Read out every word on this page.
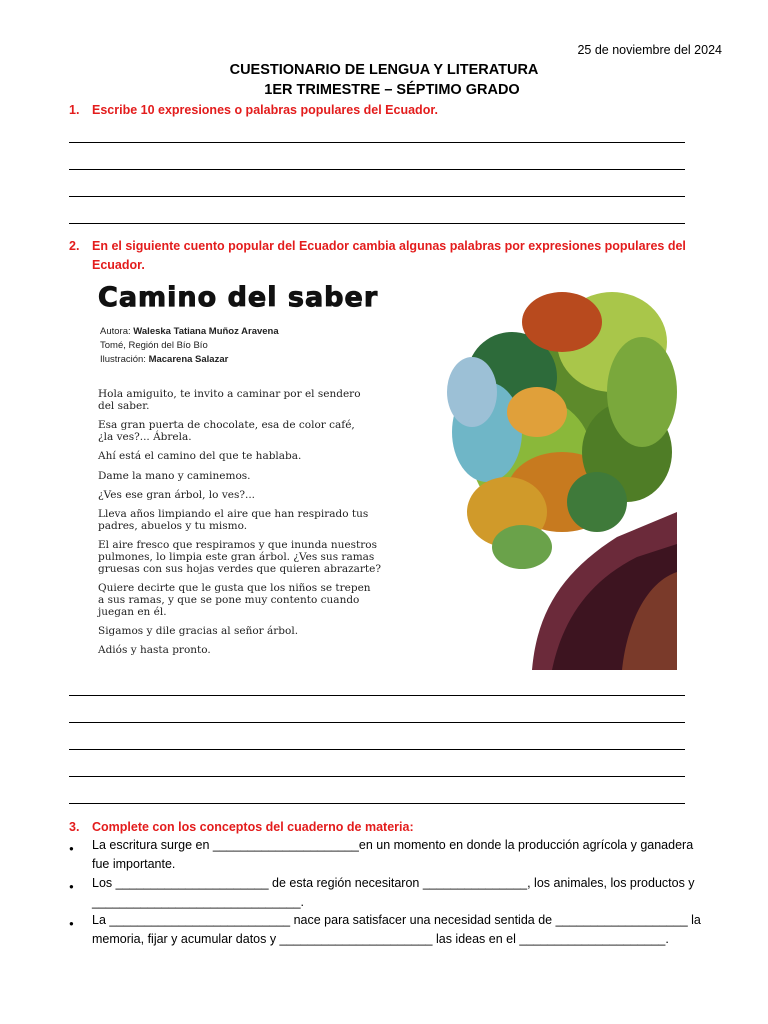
25 de noviembre del 2024
CUESTIONARIO DE LENGUA Y LITERATURA
1ER TRIMESTRE – SÉPTIMO GRADO
1.	Escribe 10 expresiones o palabras populares del Ecuador.
2.	En el siguiente cuento popular del Ecuador cambia algunas palabras por expresiones populares del Ecuador.
Camino del saber
Autora: Waleska Tatiana Muñoz Aravena
Tomé, Región del Bío Bío
Ilustración: Macarena Salazar
Hola amiguito, te invito a caminar por el sendero
del saber.
Esa gran puerta de chocolate, esa de color café,
¿la ves?... Ábrela.
Ahí está el camino del que te hablaba.
Dame la mano y caminemos.
¿Ves ese gran árbol, lo ves?...
Lleva años limpiando el aire que han respirado tus
padres, abuelos y tu mismo.
El aire fresco que respiramos y que inunda nuestros
pulmones, lo limpia este gran árbol. ¿Ves sus ramas
gruesas con sus hojas verdes que quieren abrazarte?
Quiere decirte que le gusta que los niños se trepen
a sus ramas, y que se pone muy contento cuando
juegan en él.
Sigamos y dile gracias al señor árbol.
Adiós y hasta pronto.
3.	Complete con los conceptos del cuaderno de materia:
●	La escritura surge en _____________________en un momento en donde la producción agrícola y ganadera
fue importante.
●	Los ______________________ de esta región necesitaron _______________, los animales, los productos y
______________________________.
●	La __________________________ nace para satisfacer una necesidad sentida de ___________________ la
memoria, fijar y acumular datos y ______________________ las ideas en el _____________________.
